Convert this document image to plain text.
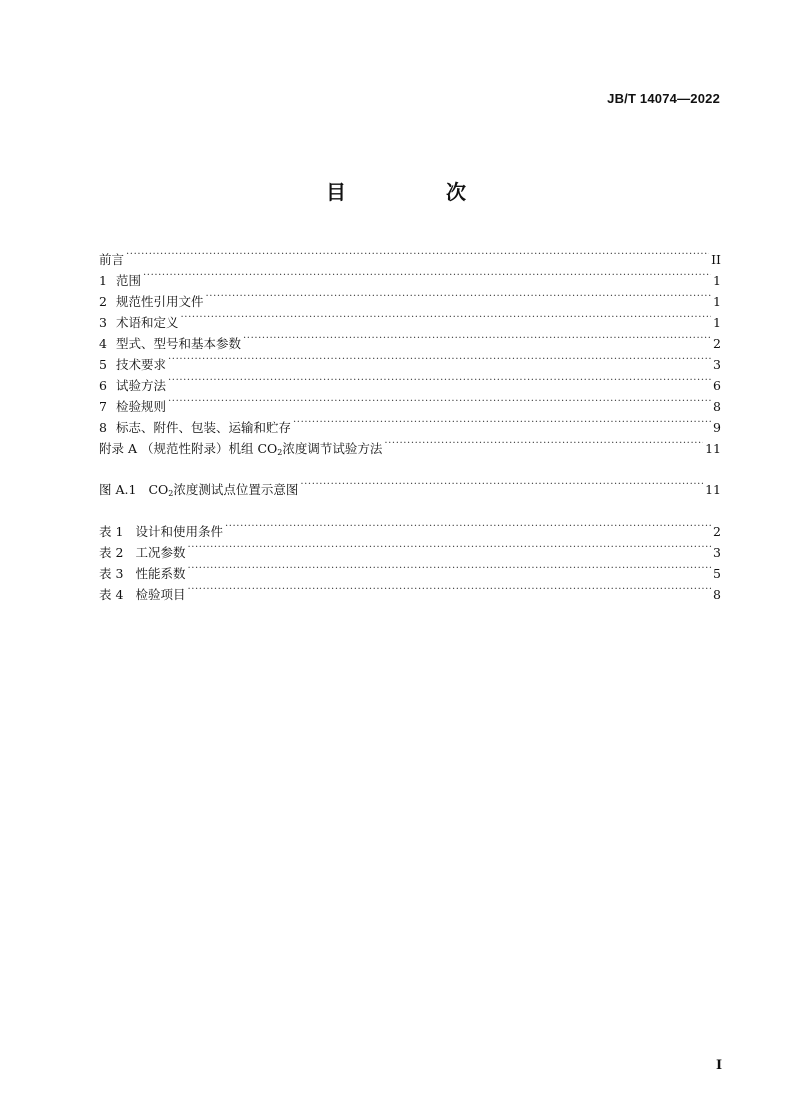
JB/T 14074—2022
目　次
前言 .....	II
1 范围 .....	1
2 规范性引用文件 .....	1
3 术语和定义 .....	1
4 型式、型号和基本参数 .....	2
5 技术要求 .....	3
6 试验方法 .....	6
7 检验规则 .....	8
8 标志、附件、包装、运输和贮存 .....	9
附录 A （规范性附录）机组 $CO_2$浓度调节试验方法 .....	11
图 A.1 $CO_2$浓度测试点位置示意图 .....	11
表 1 设计和使用条件 .....	2
表 2 工况参数 .....	3
表 3 性能系数 .....	5
表 4 检验项目 .....	8
I
